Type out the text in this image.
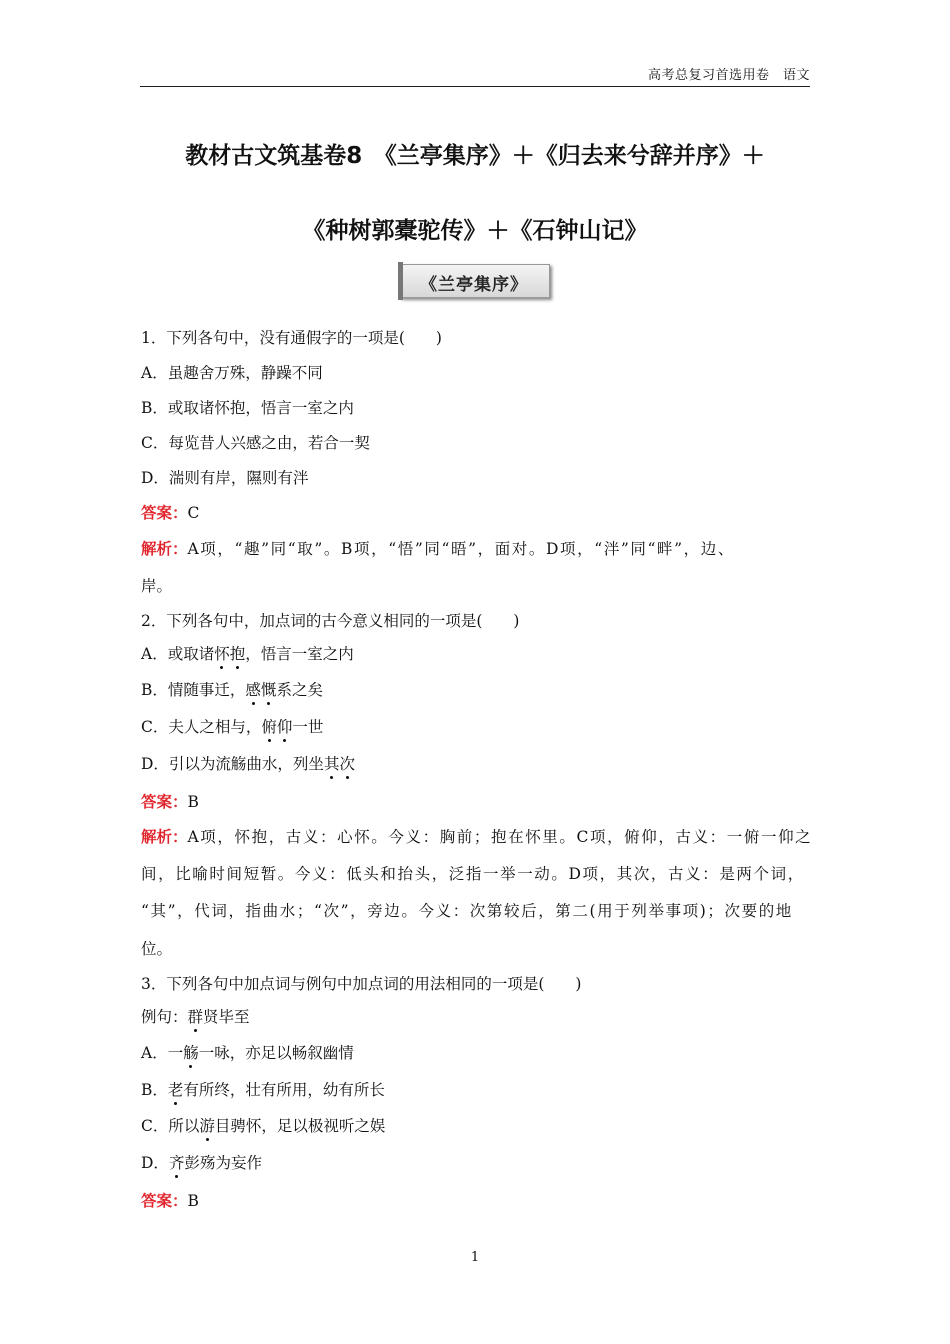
高考总复习首选用卷　语文
教材古文筑基卷8　《兰亭集序》＋《归去来兮辞并序》＋
《种树郭橐驼传》＋《石钟山记》
《兰亭集序》
1．下列各句中，没有通假字的一项是(　　)
A．虽趣舍万殊，静躁不同
B．或取诸怀抱，悟言一室之内
C．每览昔人兴感之由，若合一契
D．湍则有岸，隰则有泮
答案：C
解析：A项，“趣”同“取”。B项，“悟”同“晤”，面对。D项，“泮”同“畔”，边、
岸。
2．下列各句中，加点词的古今意义相同的一项是(　　)
A．或取诸怀抱，悟言一室之内
B．情随事迁，感慨系之矣
C．夫人之相与，俯仰一世
D．引以为流觞曲水，列坐其次
答案：B
解析：A项，怀抱，古义：心怀。今义：胸前；抱在怀里。C项，俯仰，古义：一俯一仰之
间，比喻时间短暂。今义：低头和抬头，泛指一举一动。D项，其次，古义：是两个词，
“其”，代词，指曲水；“次”，旁边。今义：次第较后，第二(用于列举事项)；次要的地
位。
3．下列各句中加点词与例句中加点词的用法相同的一项是(　　)
例句：群贤毕至
A．一觞一咏，亦足以畅叙幽情
B．老有所终，壮有所用，幼有所长
C．所以游目骋怀，足以极视听之娱
D．齐彭殇为妄作
答案：B
1
